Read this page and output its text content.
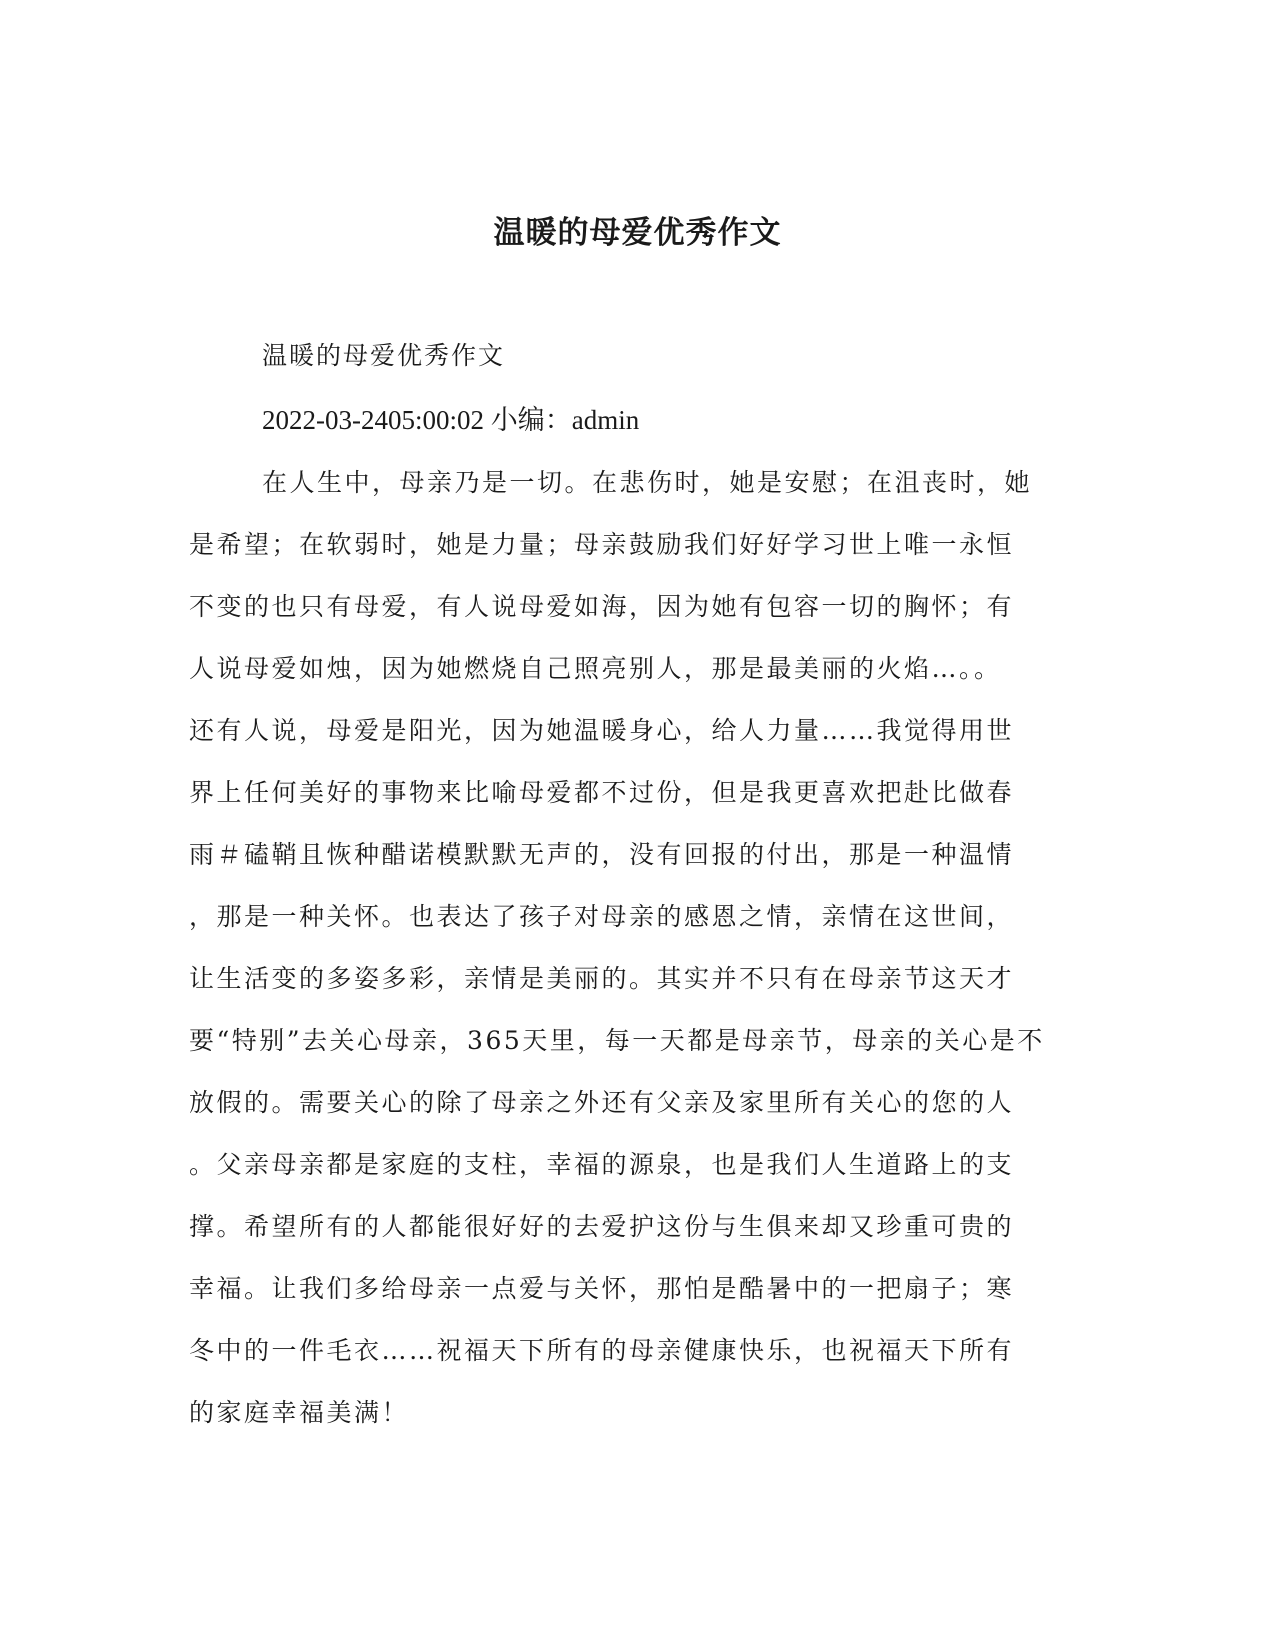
温暖的母爱优秀作文

温暖的母爱优秀作文

2022-03-2405:00:02 小编：admin

在人生中，母亲乃是一切。在悲伤时，她是安慰；在沮丧时，她
是希望；在软弱时，她是力量；母亲鼓励我们好好学习世上唯一永恒
不变的也只有母爱，有人说母爱如海，因为她有包容一切的胸怀；有
人说母爱如烛，因为她燃烧自己照亮别人，那是最美丽的火焰…。。
还有人说，母爱是阳光，因为她温暖身心，给人力量……我觉得用世
界上任何美好的事物来比喻母爱都不过份，但是我更喜欢把赴比做春
雨＃磕鞘且恢种醋诺模默默无声的，没有回报的付出，那是一种温情
，那是一种关怀。也表达了孩子对母亲的感恩之情，亲情在这世间，
让生活变的多姿多彩，亲情是美丽的。其实并不只有在母亲节这天才
要“特别”去关心母亲，365天里，每一天都是母亲节，母亲的关心是不
放假的。需要关心的除了母亲之外还有父亲及家里所有关心的您的人
。父亲母亲都是家庭的支柱，幸福的源泉，也是我们人生道路上的支
撑。希望所有的人都能很好好的去爱护这份与生俱来却又珍重可贵的
幸福。让我们多给母亲一点爱与关怀，那怕是酷暑中的一把扇子；寒
冬中的一件毛衣……祝福天下所有的母亲健康快乐，也祝福天下所有
的家庭幸福美满！
